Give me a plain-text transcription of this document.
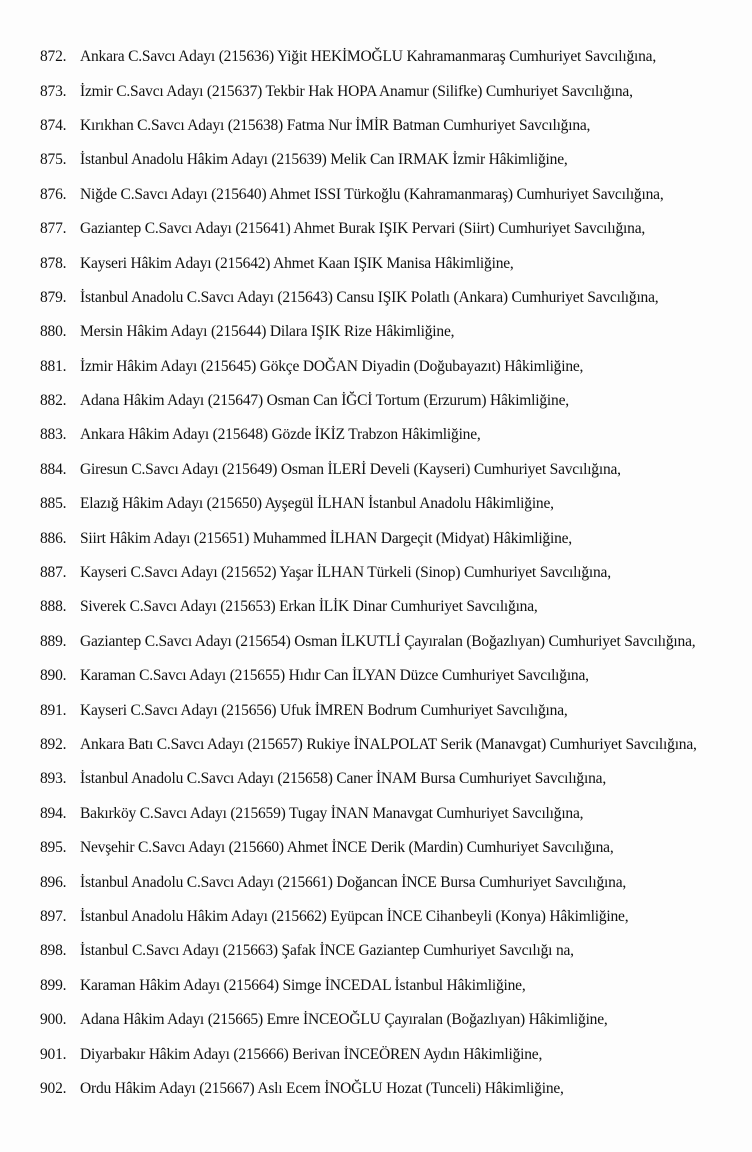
872. Ankara C.Savcı Adayı (215636) Yiğit HEKİMOĞLU Kahramanmaraş Cumhuriyet Savcılığına,
873. İzmir C.Savcı Adayı (215637) Tekbir Hak HOPA Anamur (Silifke) Cumhuriyet Savcılığına,
874. Kırıkhan C.Savcı Adayı (215638) Fatma Nur İMİR Batman Cumhuriyet Savcılığına,
875. İstanbul Anadolu Hâkim Adayı (215639) Melik Can IRMAK İzmir Hâkimliğine,
876. Niğde C.Savcı Adayı (215640) Ahmet ISSI Türkoğlu (Kahramanmaraş) Cumhuriyet Savcılığına,
877. Gaziantep C.Savcı Adayı (215641) Ahmet Burak IŞIK Pervari (Siirt) Cumhuriyet Savcılığına,
878. Kayseri Hâkim Adayı (215642) Ahmet Kaan IŞIK Manisa Hâkimliğine,
879. İstanbul Anadolu C.Savcı Adayı (215643) Cansu IŞIK Polatlı (Ankara) Cumhuriyet Savcılığına,
880. Mersin Hâkim Adayı (215644) Dilara IŞIK Rize Hâkimliğine,
881. İzmir Hâkim Adayı (215645) Gökçe DOĞAN Diyadin (Doğubayazıt) Hâkimliğine,
882. Adana Hâkim Adayı (215647) Osman Can İĞCİ Tortum (Erzurum) Hâkimliğine,
883. Ankara Hâkim Adayı (215648) Gözde İKİZ Trabzon Hâkimliğine,
884. Giresun C.Savcı Adayı (215649) Osman İLERİ Develi (Kayseri) Cumhuriyet Savcılığına,
885. Elazığ Hâkim Adayı (215650) Ayşegül İLHAN İstanbul Anadolu Hâkimliğine,
886. Siirt Hâkim Adayı (215651) Muhammed İLHAN Dargeçit (Midyat) Hâkimliğine,
887. Kayseri C.Savcı Adayı (215652) Yaşar İLHAN Türkeli (Sinop) Cumhuriyet Savcılığına,
888. Siverek C.Savcı Adayı (215653) Erkan İLİK Dinar Cumhuriyet Savcılığına,
889. Gaziantep C.Savcı Adayı (215654) Osman İLKUTLİ Çayıralan (Boğazlıyan) Cumhuriyet Savcılığına,
890. Karaman C.Savcı Adayı (215655) Hıdır Can İLYAN Düzce Cumhuriyet Savcılığına,
891. Kayseri C.Savcı Adayı (215656) Ufuk İMREN Bodrum Cumhuriyet Savcılığına,
892. Ankara Batı C.Savcı Adayı (215657) Rukiye İNALPOLAT Serik (Manavgat) Cumhuriyet Savcılığına,
893. İstanbul Anadolu C.Savcı Adayı (215658) Caner İNAM Bursa Cumhuriyet Savcılığına,
894. Bakırköy C.Savcı Adayı (215659) Tugay İNAN Manavgat Cumhuriyet Savcılığına,
895. Nevşehir C.Savcı Adayı (215660) Ahmet İNCE Derik (Mardin) Cumhuriyet Savcılığına,
896. İstanbul Anadolu C.Savcı Adayı (215661) Doğancan İNCE Bursa Cumhuriyet Savcılığına,
897. İstanbul Anadolu Hâkim Adayı (215662) Eyüpcan İNCE Cihanbeyli (Konya) Hâkimliğine,
898. İstanbul C.Savcı Adayı (215663) Şafak İNCE Gaziantep Cumhuriyet Savcılığı na,
899. Karaman Hâkim Adayı (215664) Simge İNCEDAL İstanbul Hâkimliğine,
900. Adana Hâkim Adayı (215665) Emre İNCEOĞLU Çayıralan (Boğazlıyan) Hâkimliğine,
901. Diyarbakır Hâkim Adayı (215666) Berivan İNCEÖREN Aydın Hâkimliğine,
902. Ordu Hâkim Adayı (215667) Aslı Ecem İNOĞLU Hozat (Tunceli) Hâkimliğine,
